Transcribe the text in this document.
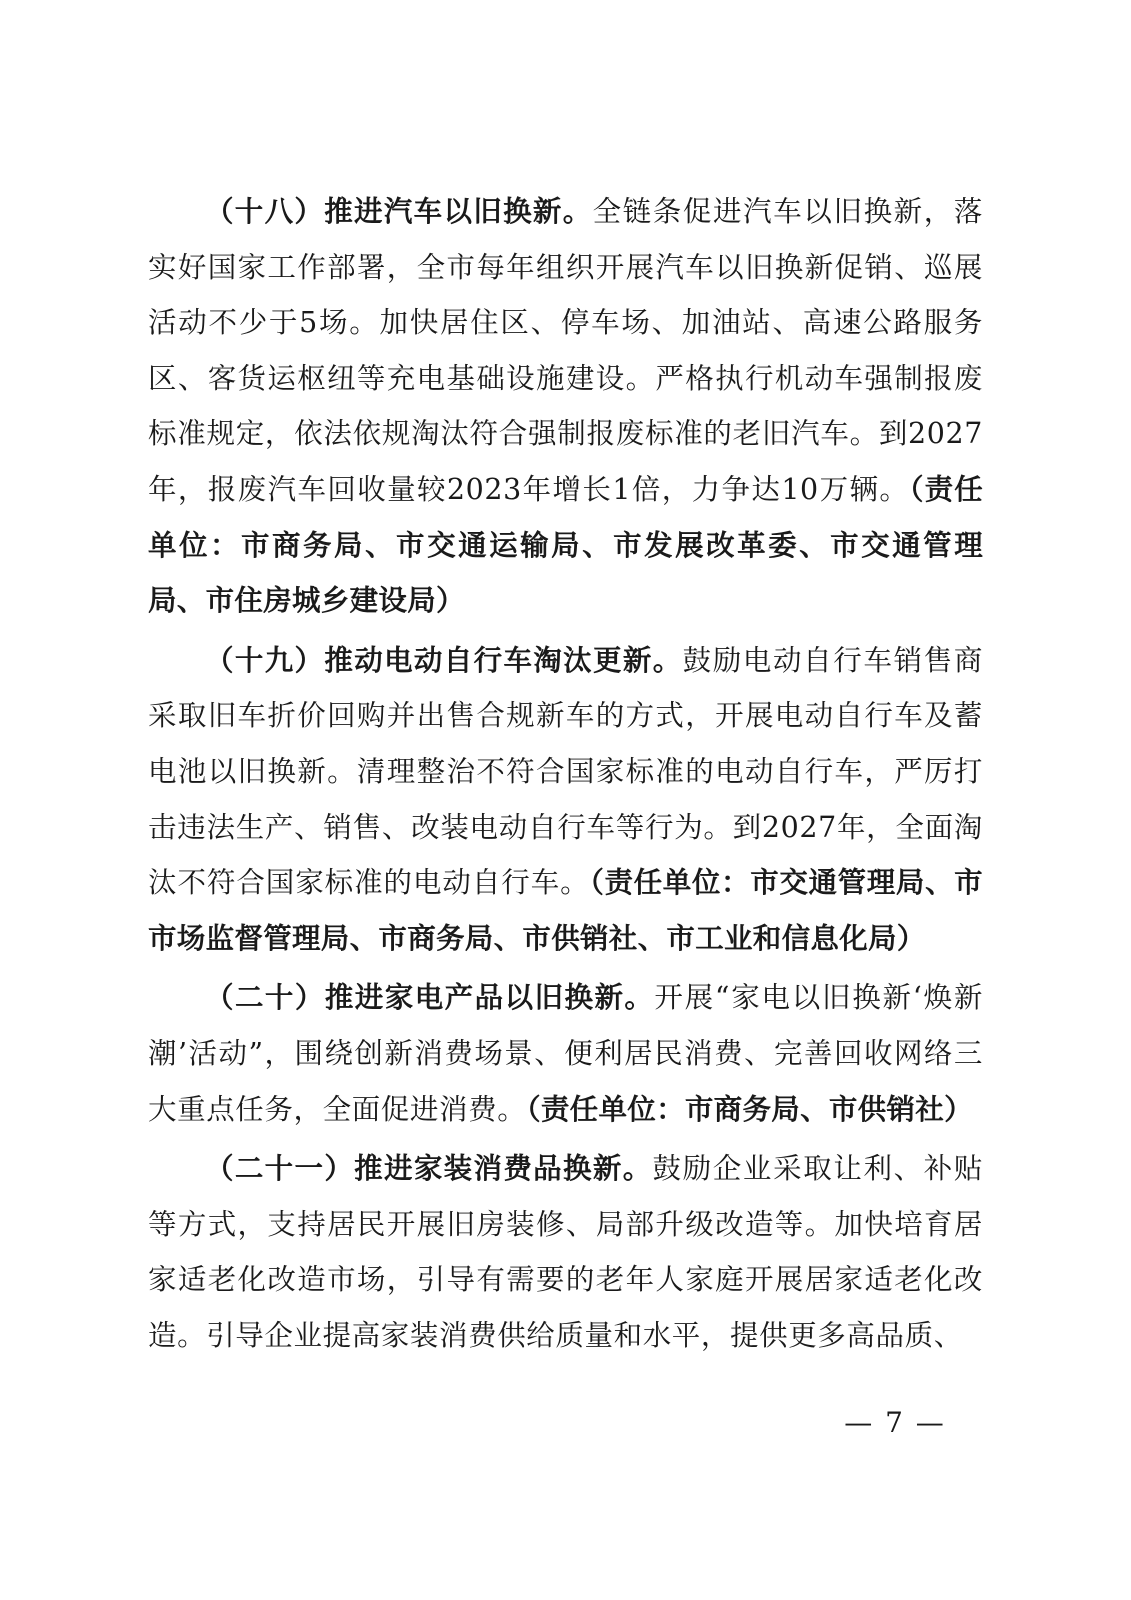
（十八）推进汽车以旧换新。全链条促进汽车以旧换新，落实好国家工作部署，全市每年组织开展汽车以旧换新促销、巡展活动不少于5场。加快居住区、停车场、加油站、高速公路服务区、客货运枢纽等充电基础设施建设。严格执行机动车强制报废标准规定，依法依规淘汰符合强制报废标准的老旧汽车。到2027年，报废汽车回收量较2023年增长1倍，力争达10万辆。（责任单位：市商务局、市交通运输局、市发展改革委、市交通管理局、市住房城乡建设局）

（十九）推动电动自行车淘汰更新。鼓励电动自行车销售商采取旧车折价回购并出售合规新车的方式，开展电动自行车及蓄电池以旧换新。清理整治不符合国家标准的电动自行车，严厉打击违法生产、销售、改装电动自行车等行为。到2027年，全面淘汰不符合国家标准的电动自行车。（责任单位：市交通管理局、市市场监督管理局、市商务局、市供销社、市工业和信息化局）

（二十）推进家电产品以旧换新。开展“家电以旧换新‘焕新潮’活动”，围绕创新消费场景、便利居民消费、完善回收网络三大重点任务，全面促进消费。（责任单位：市商务局、市供销社）

（二十一）推进家装消费品换新。鼓励企业采取让利、补贴等方式，支持居民开展旧房装修、局部升级改造等。加快培育居家适老化改造市场，引导有需要的老年人家庭开展居家适老化改造。引导企业提高家装消费供给质量和水平，提供更多高品质、

— 7 —
